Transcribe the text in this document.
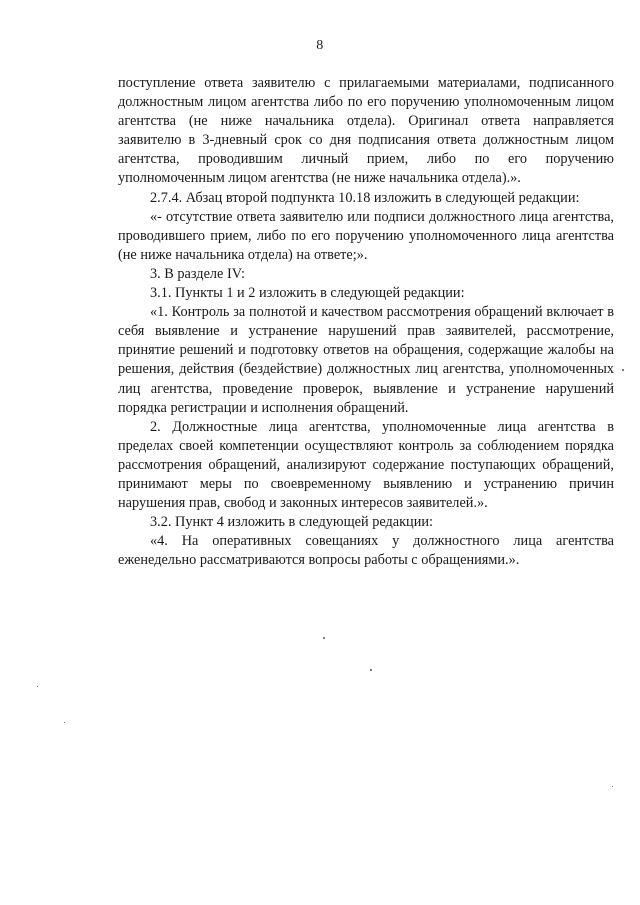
8

поступление ответа заявителю с прилагаемыми материалами, подписанного должностным лицом агентства либо по его поручению уполномоченным лицом агентства (не ниже начальника отдела). Оригинал ответа направляется заявителю в 3-дневный срок со дня подписания ответа должностным лицом агентства, проводившим личный прием, либо по его поручению уполномоченным лицом агентства (не ниже начальника отдела).».

2.7.4. Абзац второй подпункта 10.18 изложить в следующей редакции:

«- отсутствие ответа заявителю или подписи должностного лица агентства, проводившего прием, либо по его поручению уполномоченного лица агентства (не ниже начальника отдела) на ответе;».

3. В разделе IV:

3.1. Пункты 1 и 2 изложить в следующей редакции:

«1. Контроль за полнотой и качеством рассмотрения обращений включает в себя выявление и устранение нарушений прав заявителей, рассмотрение, принятие решений и подготовку ответов на обращения, содержащие жалобы на решения, действия (бездействие) должностных лиц агентства, уполномоченных лиц агентства, проведение проверок, выявление и устранение нарушений порядка регистрации и исполнения обращений.

2. Должностные лица агентства, уполномоченные лица агентства в пределах своей компетенции осуществляют контроль за соблюдением порядка рассмотрения обращений, анализируют содержание поступающих обращений, принимают меры по своевременному выявлению и устранению причин нарушения прав, свобод и законных интересов заявителей.».

3.2. Пункт 4 изложить в следующей редакции:

«4. На оперативных совещаниях у должностного лица агентства еженедельно рассматриваются вопросы работы с обращениями.».
